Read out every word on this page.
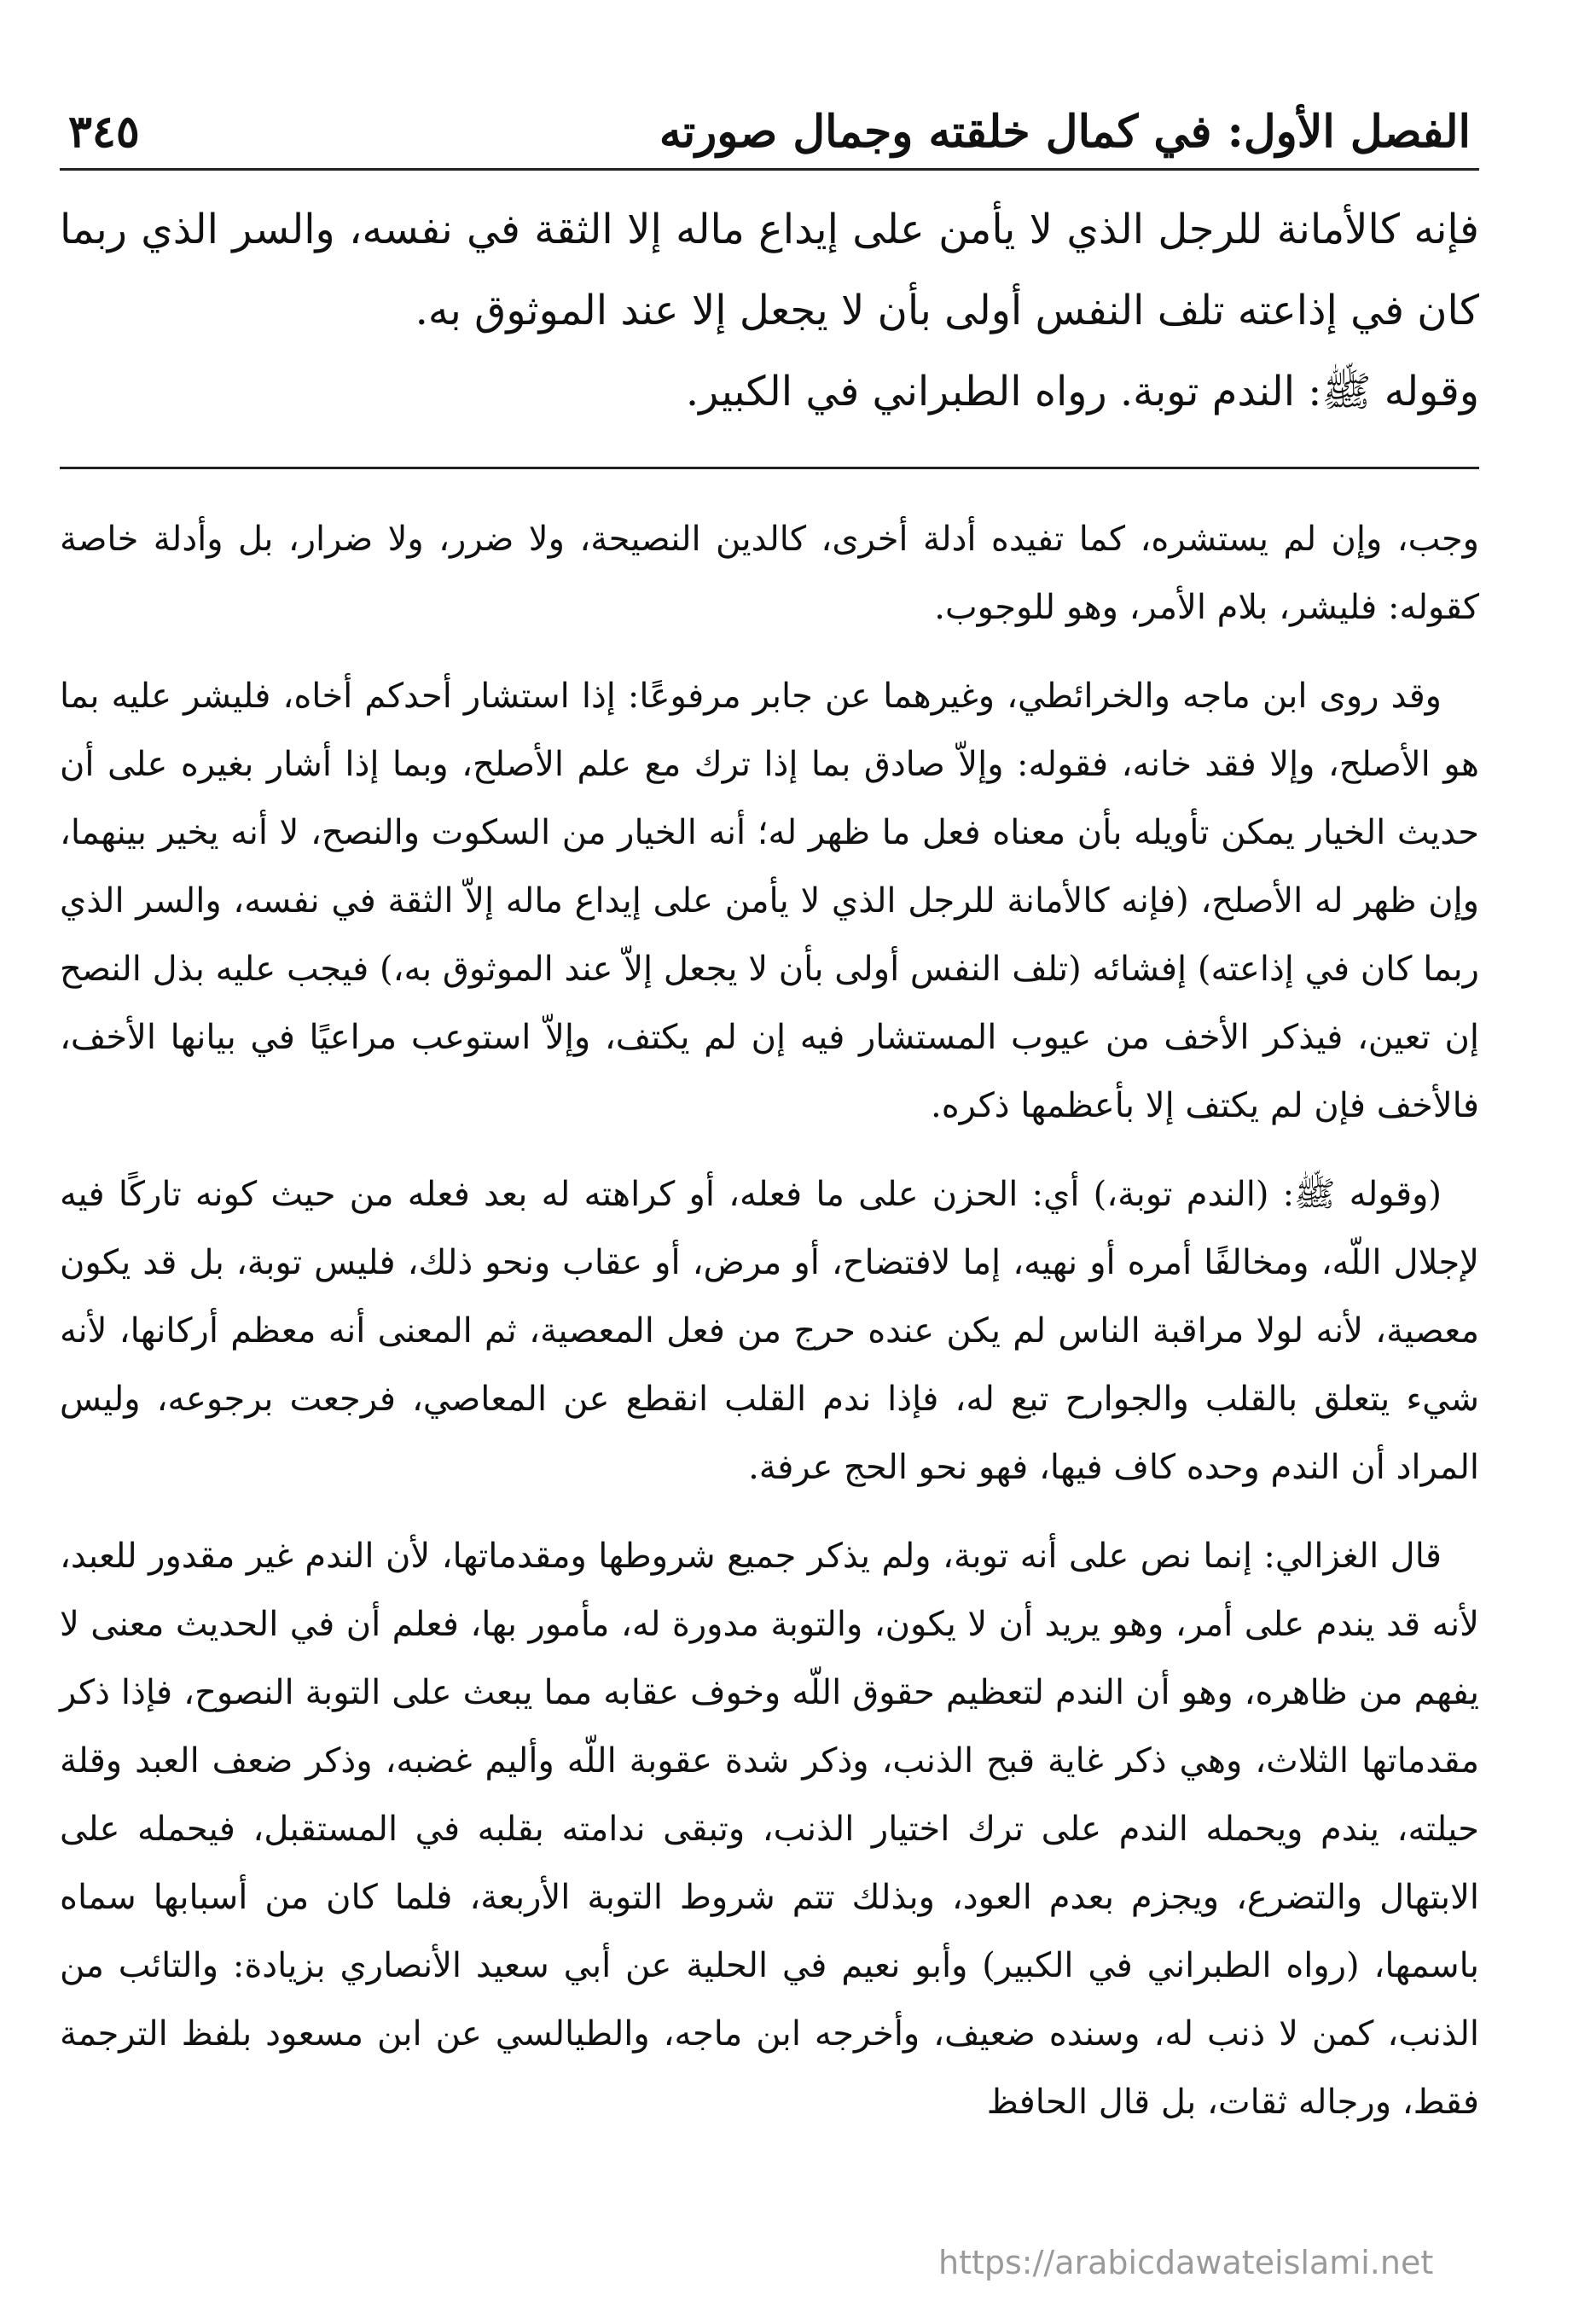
الفصل الأول: في كمال خلقته وجمال صورته
٣٤٥

فإنه كالأمانة للرجل الذي لا يأمن على إيداع ماله إلا الثقة في نفسه، والسر الذي ربما كان في إذاعته تلف النفس أولى بأن لا يجعل إلا عند الموثوق به.

وقوله ﷺ: الندم توبة. رواه الطبراني في الكبير.

وجب، وإن لم يستشره، كما تفيده أدلة أخرى، كالدين النصيحة، ولا ضرر، ولا ضرار، بل وأدلة خاصة كقوله: فليشر، بلام الأمر، وهو للوجوب.

وقد روى ابن ماجه والخرائطي، وغيرهما عن جابر مرفوعًا: إذا استشار أحدكم أخاه، فليشر عليه بما هو الأصلح، وإلا فقد خانه، فقوله: وإلاّ صادق بما إذا ترك مع علم الأصلح، وبما إذا أشار بغيره على أن حديث الخيار يمكن تأويله بأن معناه فعل ما ظهر له؛ أنه الخيار من السكوت والنصح، لا أنه يخير بينهما، وإن ظهر له الأصلح، (فإنه كالأمانة للرجل الذي لا يأمن على إيداع ماله إلاّ الثقة في نفسه، والسر الذي ربما كان في إذاعته) إفشائه (تلف النفس أولى بأن لا يجعل إلاّ عند الموثوق به،) فيجب عليه بذل النصح إن تعين، فيذكر الأخف من عيوب المستشار فيه إن لم يكتف، وإلاّ استوعب مراعيًا في بيانها الأخف، فالأخف فإن لم يكتف إلا بأعظمها ذكره.

(وقوله ﷺ: (الندم توبة،) أي: الحزن على ما فعله، أو كراهته له بعد فعله من حيث كونه تاركًا فيه لإجلال اللّه، ومخالفًا أمره أو نهيه، إما لافتضاح، أو مرض، أو عقاب ونحو ذلك، فليس توبة، بل قد يكون معصية، لأنه لولا مراقبة الناس لم يكن عنده حرج من فعل المعصية، ثم المعنى أنه معظم أركانها، لأنه شيء يتعلق بالقلب والجوارح تبع له، فإذا ندم القلب انقطع عن المعاصي، فرجعت برجوعه، وليس المراد أن الندم وحده كاف فيها، فهو نحو الحج عرفة.

قال الغزالي: إنما نص على أنه توبة، ولم يذكر جميع شروطها ومقدماتها، لأن الندم غير مقدور للعبد، لأنه قد يندم على أمر، وهو يريد أن لا يكون، والتوبة مدورة له، مأمور بها، فعلم أن في الحديث معنى لا يفهم من ظاهره، وهو أن الندم لتعظيم حقوق اللّه وخوف عقابه مما يبعث على التوبة النصوح، فإذا ذكر مقدماتها الثلاث، وهي ذكر غاية قبح الذنب، وذكر شدة عقوبة اللّه وأليم غضبه، وذكر ضعف العبد وقلة حيلته، يندم ويحمله الندم على ترك اختيار الذنب، وتبقى ندامته بقلبه في المستقبل، فيحمله على الابتهال والتضرع، ويجزم بعدم العود، وبذلك تتم شروط التوبة الأربعة، فلما كان من أسبابها سماه باسمها، (رواه الطبراني في الكبير) وأبو نعيم في الحلية عن أبي سعيد الأنصاري بزيادة: والتائب من الذنب، كمن لا ذنب له، وسنده ضعيف، وأخرجه ابن ماجه، والطيالسي عن ابن مسعود بلفظ الترجمة فقط، ورجاله ثقات، بل قال الحافظ

https://arabicdawateislami.net
